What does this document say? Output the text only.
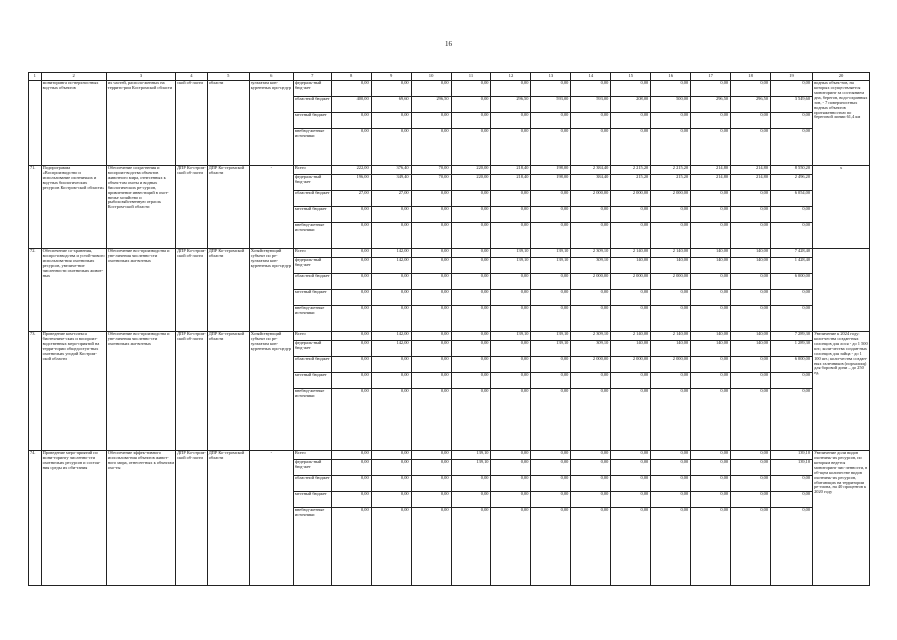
16
1	2	3	4	5	6	7	8	9	10	11	12	13	14	15	16	17	18	19	20
	мониторинга по-верхностных вод-ных объектов	их частей, располо-женных на террито-рии Костромской области	ской об-ласти	области	зультатам кон-курентных про-цедур	федераль-ный бюд-жет	0,00	0,00	0,00	0,00	0,00	0,00	0,00	0,00	0,00	0,00	0,00	0,00	водных объек-тов, на которых осуществляется мониторинг за состоянием дна, берегов, водо-охранных зон, - 7 поверхностных водных объектов протяженностью по береговой линии 61,4 км
						областной бюджет	400,00	69,60	296,50	0,00	296,50	593,00	593,00	208,00	500,00	296,50	296,50	3 549,60	
						местный бюджет	0,00	0,00	0,00	0,00	0,00	0,00	0,00	0,00	0,00	0,00	0,00	0,00	
						внебюд-жетные источники	0,00	0,00	0,00	0,00	0,00	0,00	0,00	0,00	0,00	0,00	0,00	0,00	
71.	Подпрограмма «Воспроизводство и использование охотничьих и вод-ных биологических ресурсов Костром-ской области»	Обеспечение сохра-нения и воспроиз-водства объектов животного мира, отнесенных к объек-там охоты и водных биологических ре-сурсов, привлечение инвестиций в охот-ничье хозяйство и рыбохозяйственную отрасль Костром-ской области	ДПР Ко-стром-ской об-ласти	ДПР Ко-стромской области	-	Всего	222,00	376,40	70,00	220,00	218,40	198,00	2 384,40	2 215,20	2 215,20	214,80	214,80	8 550,20	х
						федераль-ный бюд-жет	196,00	349,40	70,00	220,00	218,40	198,00	384,40	215,20	215,20	214,80	214,80	2 496,20	
						областной бюджет	27,00	27,00	0,00	0,00	0,00	0,00	2 000,00	2 000,00	2 000,00	0,00	0,00	6 054,00	
						местный бюджет	0,00	0,00	0,00	0,00	0,00	0,00	0,00	0,00	0,00	0,00	0,00	0,00	
						внебюд-жетные источники	0,00	0,00	0,00	0,00	0,00	0,00	0,00	0,00	0,00	0,00	0,00	0,00	
72.	Обеспечение со-хранения, воспро-изводства и устой-чивого использова-ния охотничьих ресурсов, увеличе-ние численности охотничьих живот-ных	Обеспечение вос-производства и уве-личения численно-сти охотничьих жи-вотных	ДПР Ко-стром-ской об-ласти	ДПР Ко-стромской области	Хозяйствующий субъект по ре-зультатам кон-курентных про-цедур	Всего	0,00	142,00	0,00	0,00	139,10	139,10	2 309,10	2 140,00	2 140,00	140,00	140,00	7 428,40	
						федераль-ный бюд-жет	0,00	142,00	0,00	0,00	139,10	139,10	309,10	140,00	140,00	140,00	140,00	1 428,40	
						областной бюджет	0,00	0,00	0,00	0,00	0,00	0,00	2 000,00	2 000,00	2 000,00	0,00	0,00	6 000,00	
						местный бюджет	0,00	0,00	0,00	0,00	0,00	0,00	0,00	0,00	0,00	0,00	0,00	0,00	
						внебюд-жетные источники	0,00	0,00	0,00	0,00	0,00	0,00	0,00	0,00	0,00	0,00	0,00	0,00	
73.	Проведение ком-плекса биотехниче-ских и воспроиз-водственных меро-приятий на терри-тории общедоступ-ных охотничьих угодий Костром-ской области	Обеспечение вос-производства и уве-личения численно-сти охотничьих жи-вотных	ДПР Ко-стром-ской об-ласти	ДПР Ко-стромской области	Хозяйствующий субъект по ре-зультатам кон-курентных про-цедур	Всего	0,00	142,00	0,00	0,00	139,10	139,10	2 309,10	2 140,00	2 140,00	140,00	140,00	7 289,30	Увеличение к 2024 году: коли-чества создан-ных солонцов для лося - до 1 500 шт.; коли-чества создан-ных солонцов для зайца - до 1 100 шт.; коли-чества создан-ных галечников (порхалищ) для боровой дичи – до 250 ед.
						федераль-ный бюд-жет	0,00	142,00	0,00	0,00	0,00	139,10	309,10	140,00	140,00	140,00	140,00	1 289,30	
						областной бюджет	0,00	0,00	0,00	0,00	0,00	0,00	2 000,00	2 000,00	2 000,00	0,00	0,00	6 000,00	
						местный бюджет	0,00	0,00	0,00	0,00	0,00	0,00	0,00	0,00	0,00	0,00	0,00	0,00	
						внебюд-жетные источники	0,00	0,00	0,00	0,00	0,00	0,00	0,00	0,00	0,00	0,00	0,00	0,00	
74.	Проведение меро-приятий по мони-торингу численно-сти охотничьих ресурсов и состоя-ния среды их оби-тания	Обеспечение эффек-тивного использова-ния объектов живот-ного мира, отнесен-ных к объектам охо-ты	ДПР Ко-стром-ской об-ласти	ДПР Ко-стромской области	-	Всего	0,00	0,00	0,00	139,10	0,00	0,00	0,00	0,00	0,00	0,00	0,00	139,10	Увеличение доли видов охотничь-их ресурсов, по которым ведется мониторинг чис-ленности, в об-щем количестве видов охотничь-их ресурсов, обитающих на территории ре-гиона, на 40 процентов к 2020 году
						федераль-ный бюд-жет	0,00	0,00	0,00	139,10	0,00	0,00	0,00	0,00	0,00	0,00	0,00	139,10	
						областной бюджет	0,00	0,00	0,00	0,00	0,00	0,00	0,00	0,00	0,00	0,00	0,00	0,00	
						местный бюджет	0,00	0,00	0,00	0,00	0,00	0,00	0,00	0,00	0,00	0,00	0,00	0,00	
						внебюд-жетные источники	0,00	0,00	0,00	0,00	0,00	0,00	0,00	0,00	0,00	0,00	0,00	0,00	
